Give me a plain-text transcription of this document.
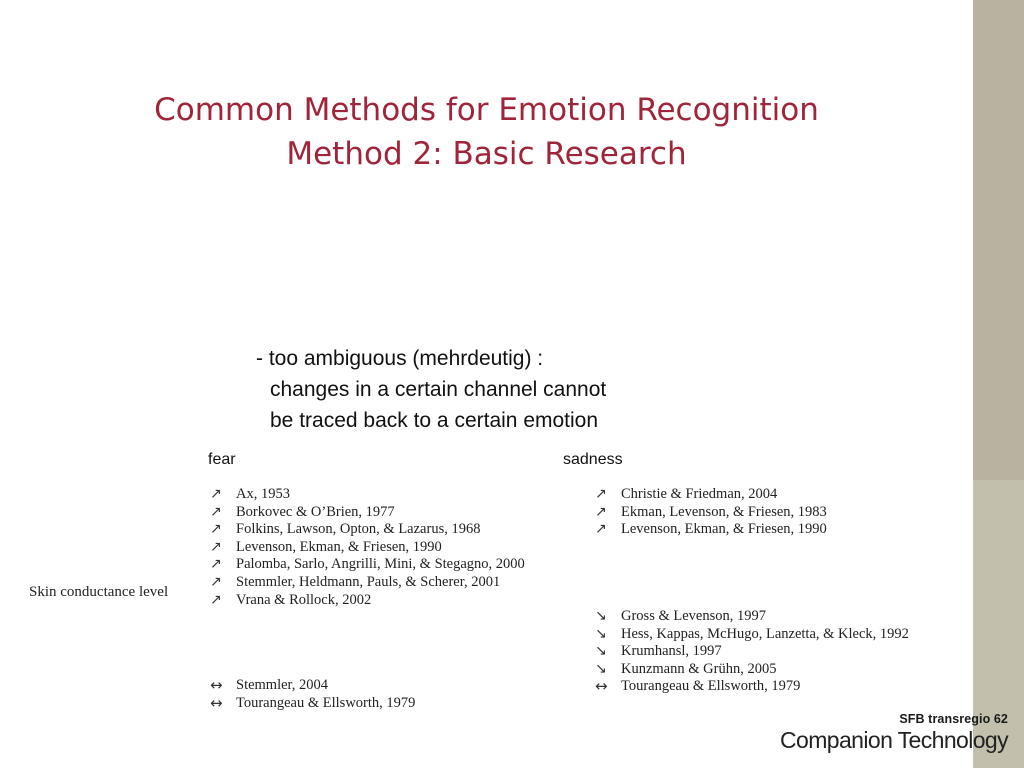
Common Methods for Emotion Recognition
Method 2: Basic Research
- too ambiguous (mehrdeutig) :
changes in a certain channel cannot
be traced back to a certain emotion
fear	sadness
Skin conductance level
↗ Ax, 1953
↗ Borkovec & O’Brien, 1977
↗ Folkins, Lawson, Opton, & Lazarus, 1968
↗ Levenson, Ekman, & Friesen, 1990
↗ Palomba, Sarlo, Angrilli, Mini, & Stegagno, 2000
↗ Stemmler, Heldmann, Pauls, & Scherer, 2001
↗ Vrana & Rollock, 2002
↔ Stemmler, 2004
↔ Tourangeau & Ellsworth, 1979
↗ Christie & Friedman, 2004
↗ Ekman, Levenson, & Friesen, 1983
↗ Levenson, Ekman, & Friesen, 1990
↘ Gross & Levenson, 1997
↘ Hess, Kappas, McHugo, Lanzetta, & Kleck, 1992
↘ Krumhansl, 1997
↘ Kunzmann & Grühn, 2005
↔ Tourangeau & Ellsworth, 1979
SFB transregio 62
Companion Technology
